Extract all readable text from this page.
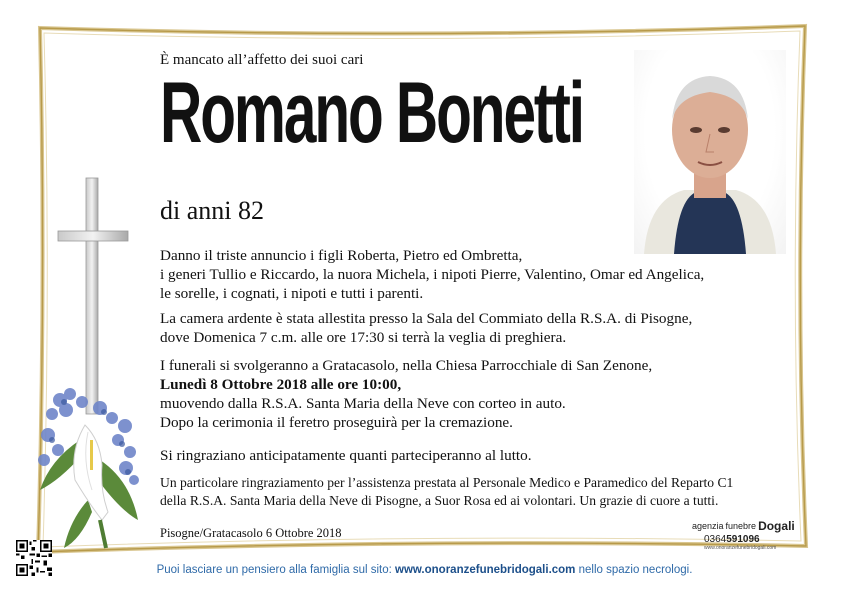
È mancato all’affetto dei suoi cari
Romano Bonetti
di anni 82
Danno il triste annuncio i figli Roberta, Pietro ed Ombretta,
i generi Tullio e Riccardo, la nuora Michela, i nipoti Pierre, Valentino, Omar ed Angelica,
le sorelle, i cognati, i nipoti e tutti i parenti.
La camera ardente è stata allestita presso la Sala del Commiato della R.S.A. di Pisogne,
dove Domenica 7 c.m. alle ore 17:30 si terrà la veglia di preghiera.
I funerali si svolgeranno a Gratacasolo, nella Chiesa Parrocchiale di San Zenone,
Lunedì 8 Ottobre 2018 alle ore 10:00,
muovendo dalla R.S.A. Santa Maria della Neve con corteo in auto.
Dopo la cerimonia il feretro proseguirà per la cremazione.
Si ringraziano anticipatamente quanti parteciperanno al lutto.
Un particolare ringraziamento per l’assistenza prestata al Personale Medico e Paramedico del Reparto C1
della R.S.A. Santa Maria della Neve di Pisogne, a Suor Rosa ed ai volontari. Un grazie di cuore a tutti.
Pisogne/Gratacasolo 6 Ottobre 2018	agenzia funebre Dogali
0364591096
www.onoranzefunebridogali.com
Puoi lasciare un pensiero alla famiglia sul sito: www.onoranzefunebridogali.com nello spazio necrologi.
